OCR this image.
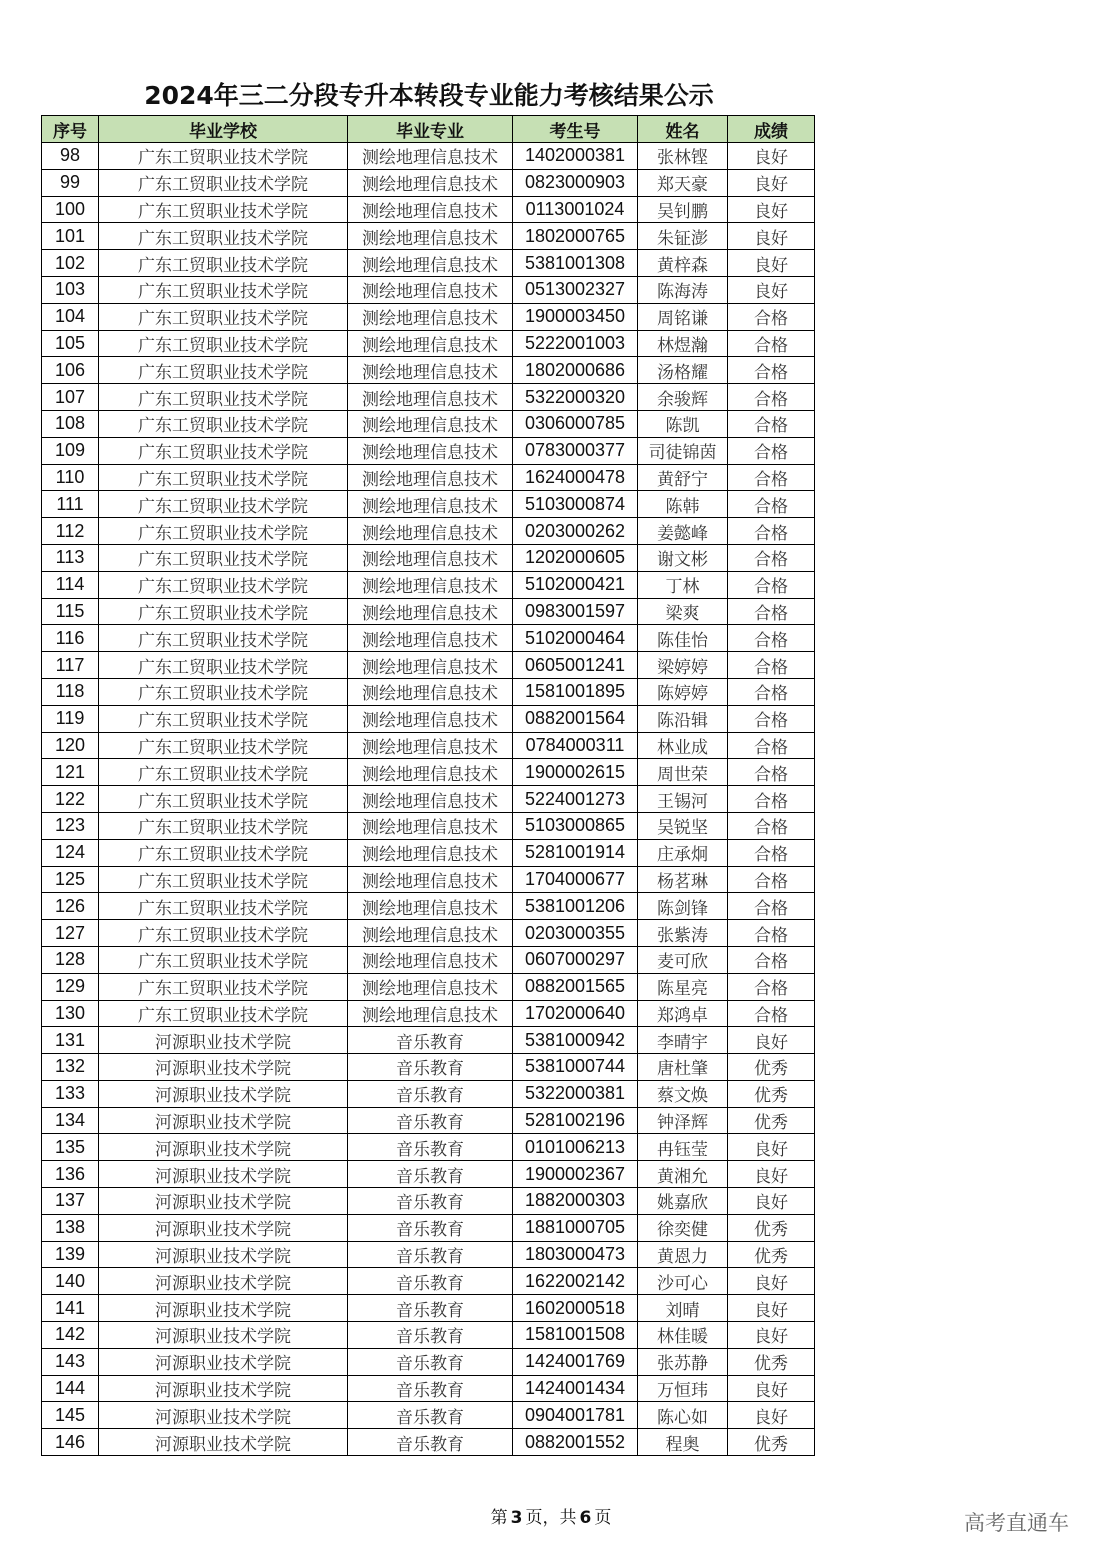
2024年三二分段专升本转段专业能力考核结果公示
序号	毕业学校	毕业专业	考生号	姓名	成绩
98	广东工贸职业技术学院	测绘地理信息技术	1402000381	张林铿	良好
99	广东工贸职业技术学院	测绘地理信息技术	0823000903	郑天豪	良好
100	广东工贸职业技术学院	测绘地理信息技术	0113001024	吴钊鹏	良好
101	广东工贸职业技术学院	测绘地理信息技术	1802000765	朱钲澎	良好
102	广东工贸职业技术学院	测绘地理信息技术	5381001308	黄梓森	良好
103	广东工贸职业技术学院	测绘地理信息技术	0513002327	陈海涛	良好
104	广东工贸职业技术学院	测绘地理信息技术	1900003450	周铭谦	合格
105	广东工贸职业技术学院	测绘地理信息技术	5222001003	林煜瀚	合格
106	广东工贸职业技术学院	测绘地理信息技术	1802000686	汤格耀	合格
107	广东工贸职业技术学院	测绘地理信息技术	5322000320	余骏辉	合格
108	广东工贸职业技术学院	测绘地理信息技术	0306000785	陈凯	合格
109	广东工贸职业技术学院	测绘地理信息技术	0783000377	司徒锦茵	合格
110	广东工贸职业技术学院	测绘地理信息技术	1624000478	黄舒宁	合格
111	广东工贸职业技术学院	测绘地理信息技术	5103000874	陈韩	合格
112	广东工贸职业技术学院	测绘地理信息技术	0203000262	姜懿峰	合格
113	广东工贸职业技术学院	测绘地理信息技术	1202000605	谢文彬	合格
114	广东工贸职业技术学院	测绘地理信息技术	5102000421	丁林	合格
115	广东工贸职业技术学院	测绘地理信息技术	0983001597	梁爽	合格
116	广东工贸职业技术学院	测绘地理信息技术	5102000464	陈佳怡	合格
117	广东工贸职业技术学院	测绘地理信息技术	0605001241	梁婷婷	合格
118	广东工贸职业技术学院	测绘地理信息技术	1581001895	陈婷婷	合格
119	广东工贸职业技术学院	测绘地理信息技术	0882001564	陈沿辑	合格
120	广东工贸职业技术学院	测绘地理信息技术	0784000311	林业成	合格
121	广东工贸职业技术学院	测绘地理信息技术	1900002615	周世荣	合格
122	广东工贸职业技术学院	测绘地理信息技术	5224001273	王锡河	合格
123	广东工贸职业技术学院	测绘地理信息技术	5103000865	吴锐坚	合格
124	广东工贸职业技术学院	测绘地理信息技术	5281001914	庄承炯	合格
125	广东工贸职业技术学院	测绘地理信息技术	1704000677	杨茗琳	合格
126	广东工贸职业技术学院	测绘地理信息技术	5381001206	陈剑锋	合格
127	广东工贸职业技术学院	测绘地理信息技术	0203000355	张紫涛	合格
128	广东工贸职业技术学院	测绘地理信息技术	0607000297	麦可欣	合格
129	广东工贸职业技术学院	测绘地理信息技术	0882001565	陈星亮	合格
130	广东工贸职业技术学院	测绘地理信息技术	1702000640	郑鸿卓	合格
131	河源职业技术学院	音乐教育	5381000942	李晴宇	良好
132	河源职业技术学院	音乐教育	5381000744	唐杜肇	优秀
133	河源职业技术学院	音乐教育	5322000381	蔡文焕	优秀
134	河源职业技术学院	音乐教育	5281002196	钟泽辉	优秀
135	河源职业技术学院	音乐教育	0101006213	冉钰莹	良好
136	河源职业技术学院	音乐教育	1900002367	黄湘允	良好
137	河源职业技术学院	音乐教育	1882000303	姚嘉欣	良好
138	河源职业技术学院	音乐教育	1881000705	徐奕健	优秀
139	河源职业技术学院	音乐教育	1803000473	黄恩力	优秀
140	河源职业技术学院	音乐教育	1622002142	沙可心	良好
141	河源职业技术学院	音乐教育	1602000518	刘晴	良好
142	河源职业技术学院	音乐教育	1581001508	林佳暖	良好
143	河源职业技术学院	音乐教育	1424001769	张苏静	优秀
144	河源职业技术学院	音乐教育	1424001434	万恒玮	良好
145	河源职业技术学院	音乐教育	0904001781	陈心如	良好
146	河源职业技术学院	音乐教育	0882001552	程奥	优秀
第 3 页，共 6 页	高考直通车
